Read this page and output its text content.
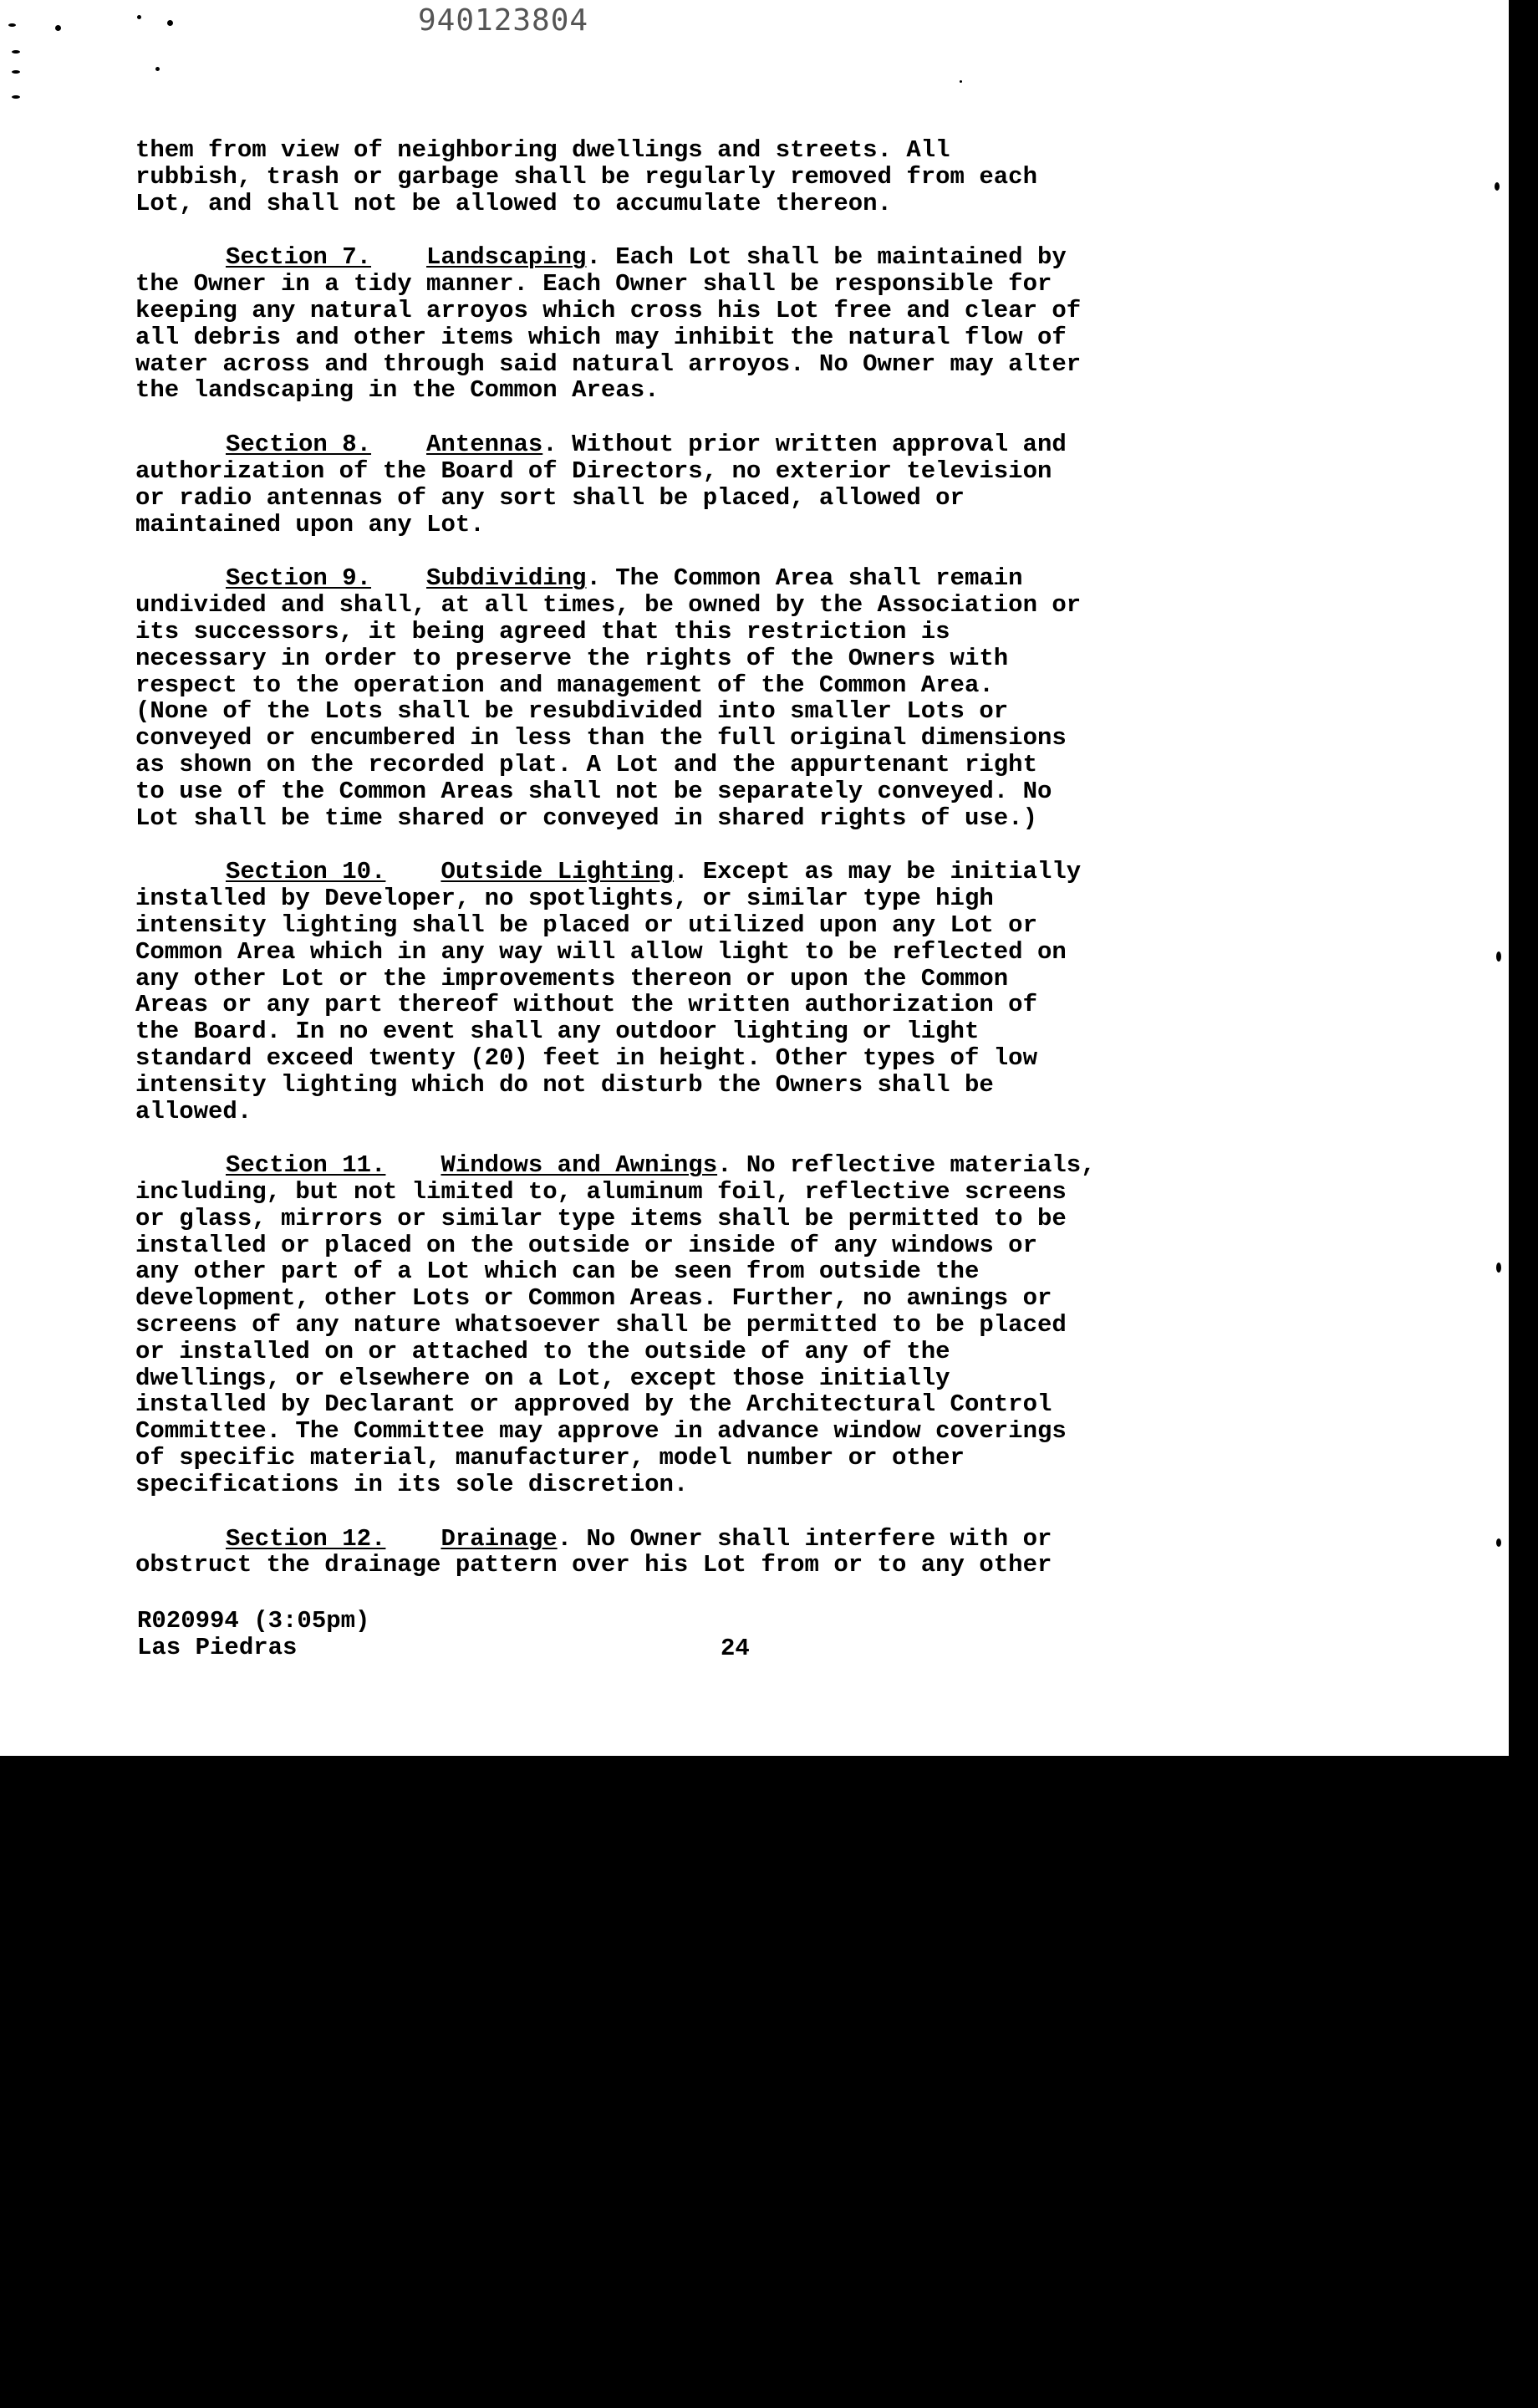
940123804

them from view of neighboring dwellings and streets. All
rubbish, trash or garbage shall be regularly removed from each
Lot, and shall not be allowed to accumulate thereon.

Section 7. Landscaping. Each Lot shall be maintained by
the Owner in a tidy manner. Each Owner shall be responsible for
keeping any natural arroyos which cross his Lot free and clear of
all debris and other items which may inhibit the natural flow of
water across and through said natural arroyos. No Owner may alter
the landscaping in the Common Areas.

Section 8. Antennas. Without prior written approval and
authorization of the Board of Directors, no exterior television
or radio antennas of any sort shall be placed, allowed or
maintained upon any Lot.

Section 9. Subdividing. The Common Area shall remain
undivided and shall, at all times, be owned by the Association or
its successors, it being agreed that this restriction is
necessary in order to preserve the rights of the Owners with
respect to the operation and management of the Common Area.
(None of the Lots shall be resubdivided into smaller Lots or
conveyed or encumbered in less than the full original dimensions
as shown on the recorded plat. A Lot and the appurtenant right
to use of the Common Areas shall not be separately conveyed. No
Lot shall be time shared or conveyed in shared rights of use.)

Section 10. Outside Lighting. Except as may be initially
installed by Developer, no spotlights, or similar type high
intensity lighting shall be placed or utilized upon any Lot or
Common Area which in any way will allow light to be reflected on
any other Lot or the improvements thereon or upon the Common
Areas or any part thereof without the written authorization of
the Board. In no event shall any outdoor lighting or light
standard exceed twenty (20) feet in height. Other types of low
intensity lighting which do not disturb the Owners shall be
allowed.

Section 11. Windows and Awnings. No reflective materials,
including, but not limited to, aluminum foil, reflective screens
or glass, mirrors or similar type items shall be permitted to be
installed or placed on the outside or inside of any windows or
any other part of a Lot which can be seen from outside the
development, other Lots or Common Areas. Further, no awnings or
screens of any nature whatsoever shall be permitted to be placed
or installed on or attached to the outside of any of the
dwellings, or elsewhere on a Lot, except those initially
installed by Declarant or approved by the Architectural Control
Committee. The Committee may approve in advance window coverings
of specific material, manufacturer, model number or other
specifications in its sole discretion.

Section 12. Drainage. No Owner shall interfere with or
obstruct the drainage pattern over his Lot from or to any other

R020994 (3:05pm)
Las Piedras	24
